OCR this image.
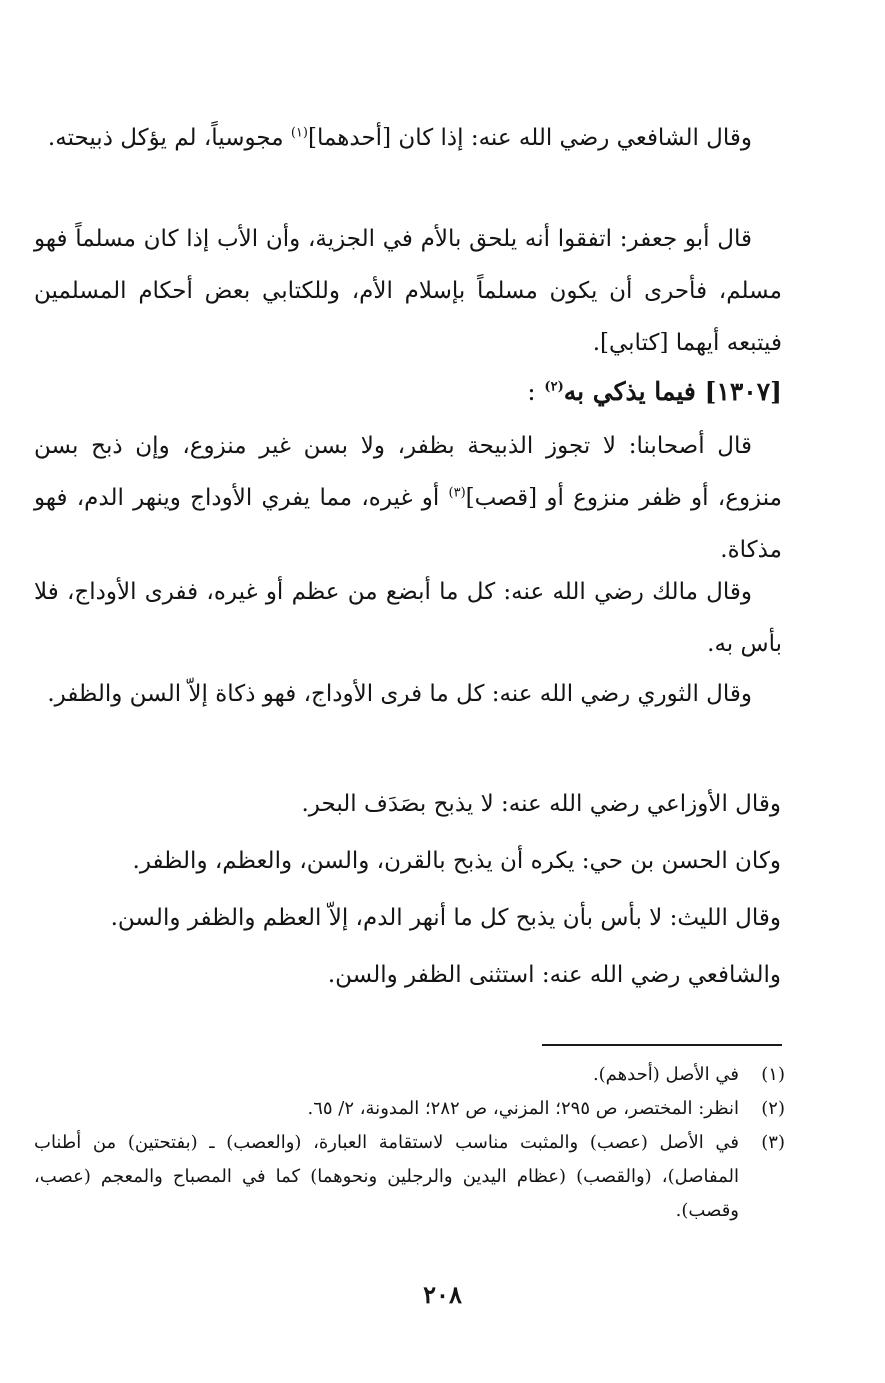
وقال الشافعي رضي الله عنه: إذا كان [أحدهما]$^{(١)}$ مجوسياً، لم يؤكل ذبيحته.
قال أبو جعفر: اتفقوا أنه يلحق بالأم في الجزية، وأن الأب إذا كان مسلماً فهو مسلم، فأحرى أن يكون مسلماً بإسلام الأم، وللكتابي بعض أحكام المسلمين فيتبعه أيهما [كتابي].
[١٣٠٧] فيما يذكي به$^{(٢)}$ :
قال أصحابنا: لا تجوز الذبيحة بظفر، ولا بسن غير منزوع، وإن ذبح بسن منزوع، أو ظفر منزوع أو [قصب]$^{(٣)}$ أو غيره، مما يفري الأوداج وينهر الدم، فهو مذكاة.
وقال مالك رضي الله عنه: كل ما أبضع من عظم أو غيره، ففرى الأوداج، فلا بأس به.
وقال الثوري رضي الله عنه: كل ما فرى الأوداج، فهو ذكاة إلاّ السن والظفر.
وقال الأوزاعي رضي الله عنه: لا يذبح بصَدَف البحر.
وكان الحسن بن حي: يكره أن يذبح بالقرن، والسن، والعظم، والظفر.
وقال الليث: لا بأس بأن يذبح كل ما أنهر الدم، إلاّ العظم والظفر والسن.
والشافعي رضي الله عنه: استثنى الظفر والسن.
(١)
في الأصل (أحدهم).
(٢)
انظر: المختصر، ص ٢٩٥؛ المزني، ص ٢٨٢؛ المدونة، ٢/ ٦٥.
(٣)
في الأصل (عصب) والمثبت مناسب لاستقامة العبارة، (والعصب) ـ (بفتحتين) من أطناب المفاصل)، (والقصب) (عظام اليدين والرجلين ونحوهما) كما في المصباح والمعجم (عصب، وقصب).
٢٠٨
